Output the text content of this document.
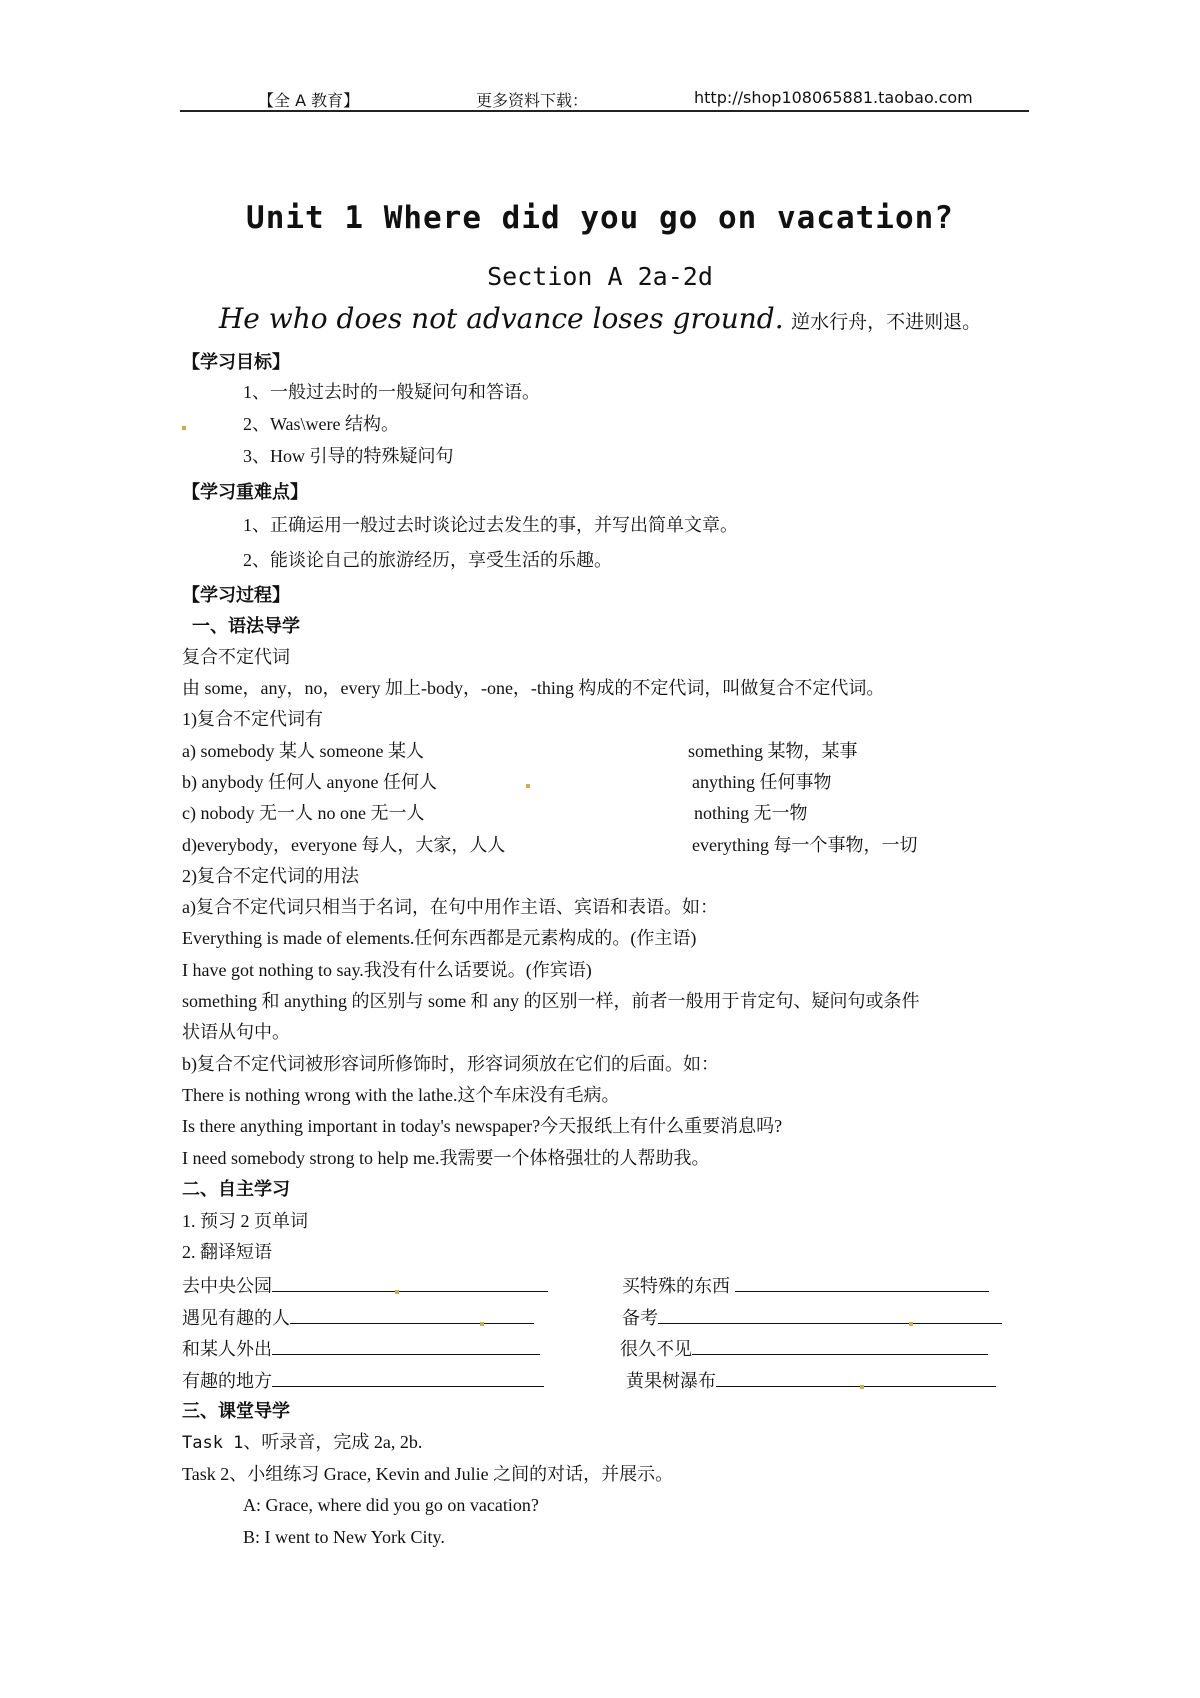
【全 A 教育】	更多资料下载：	http://shop108065881.taobao.com
Unit 1 Where did you go on vacation?
Section A 2a-2d
He who does not advance loses ground. 逆水行舟，不进则退。
【学习目标】
1、一般过去时的一般疑问句和答语。
2、Was\were 结构。
3、How 引导的特殊疑问句
【学习重难点】
1、正确运用一般过去时谈论过去发生的事，并写出简单文章。
2、能谈论自己的旅游经历，享受生活的乐趣。
【学习过程】
一、语法导学
复合不定代词
由 some，any，no，every 加上-body，-one，-thing 构成的不定代词，叫做复合不定代词。
1)复合不定代词有
a) somebody 某人 someone 某人	something 某物，某事
b) anybody 任何人 anyone 任何人	anything 任何事物
c) nobody 无一人 no one 无一人	nothing 无一物
d)everybody，everyone 每人，大家，人人	everything 每一个事物，一切
2)复合不定代词的用法
a)复合不定代词只相当于名词，在句中用作主语、宾语和表语。如：
Everything is made of elements.任何东西都是元素构成的。(作主语)
I have got nothing to say.我没有什么话要说。(作宾语)
something 和 anything 的区别与 some 和 any 的区别一样，前者一般用于肯定句、疑问句或条件
状语从句中。
b)复合不定代词被形容词所修饰时，形容词须放在它们的后面。如：
There is nothing wrong with the lathe.这个车床没有毛病。
Is there anything important in today's newspaper?今天报纸上有什么重要消息吗?
I need somebody strong to help me.我需要一个体格强壮的人帮助我。
二、自主学习
1. 预习 2 页单词
2. 翻译短语
去中央公园	买特殊的东西
遇见有趣的人	备考
和某人外出	很久不见
有趣的地方	黄果树瀑布
三、课堂导学
Task 1、听录音，完成 2a, 2b.
Task 2、小组练习 Grace, Kevin and Julie 之间的对话，并展示。
A: Grace, where did you go on vacation?
B: I went to New York City.
